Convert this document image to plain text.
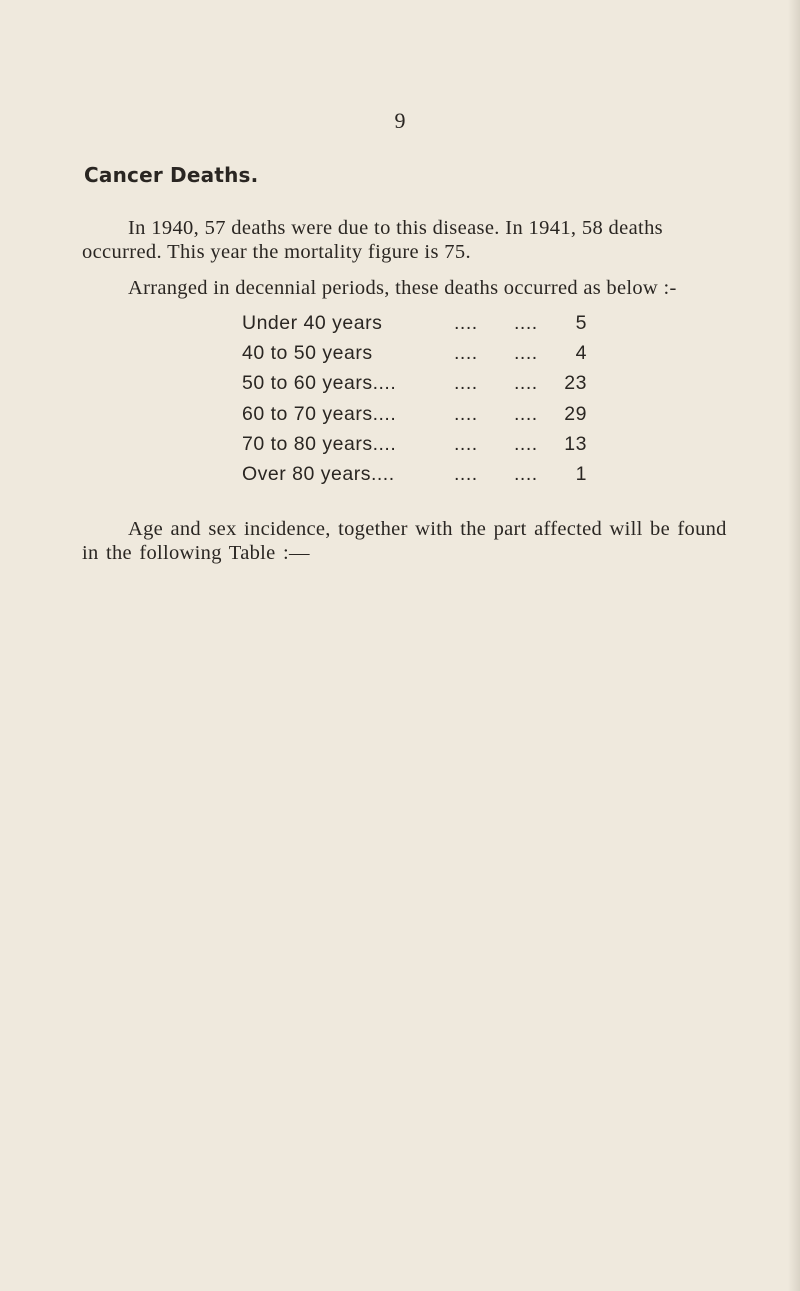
9
Cancer Deaths.

In 1940, 57 deaths were due to this disease. In 1941, 58 deaths occurred. This year the mortality figure is 75.

Arranged in decennial periods, these deaths occurred as below :-

Under 40 years	.... .... 5
40 to 50 years	.... .... 4
50 to 60 years....	.... .... 23
60 to 70 years....	.... .... 29
70 to 80 years....	.... .... 13
Over 80 years....	.... .... 1

Age and sex incidence, together with the part affected will be found in the following Table :—
